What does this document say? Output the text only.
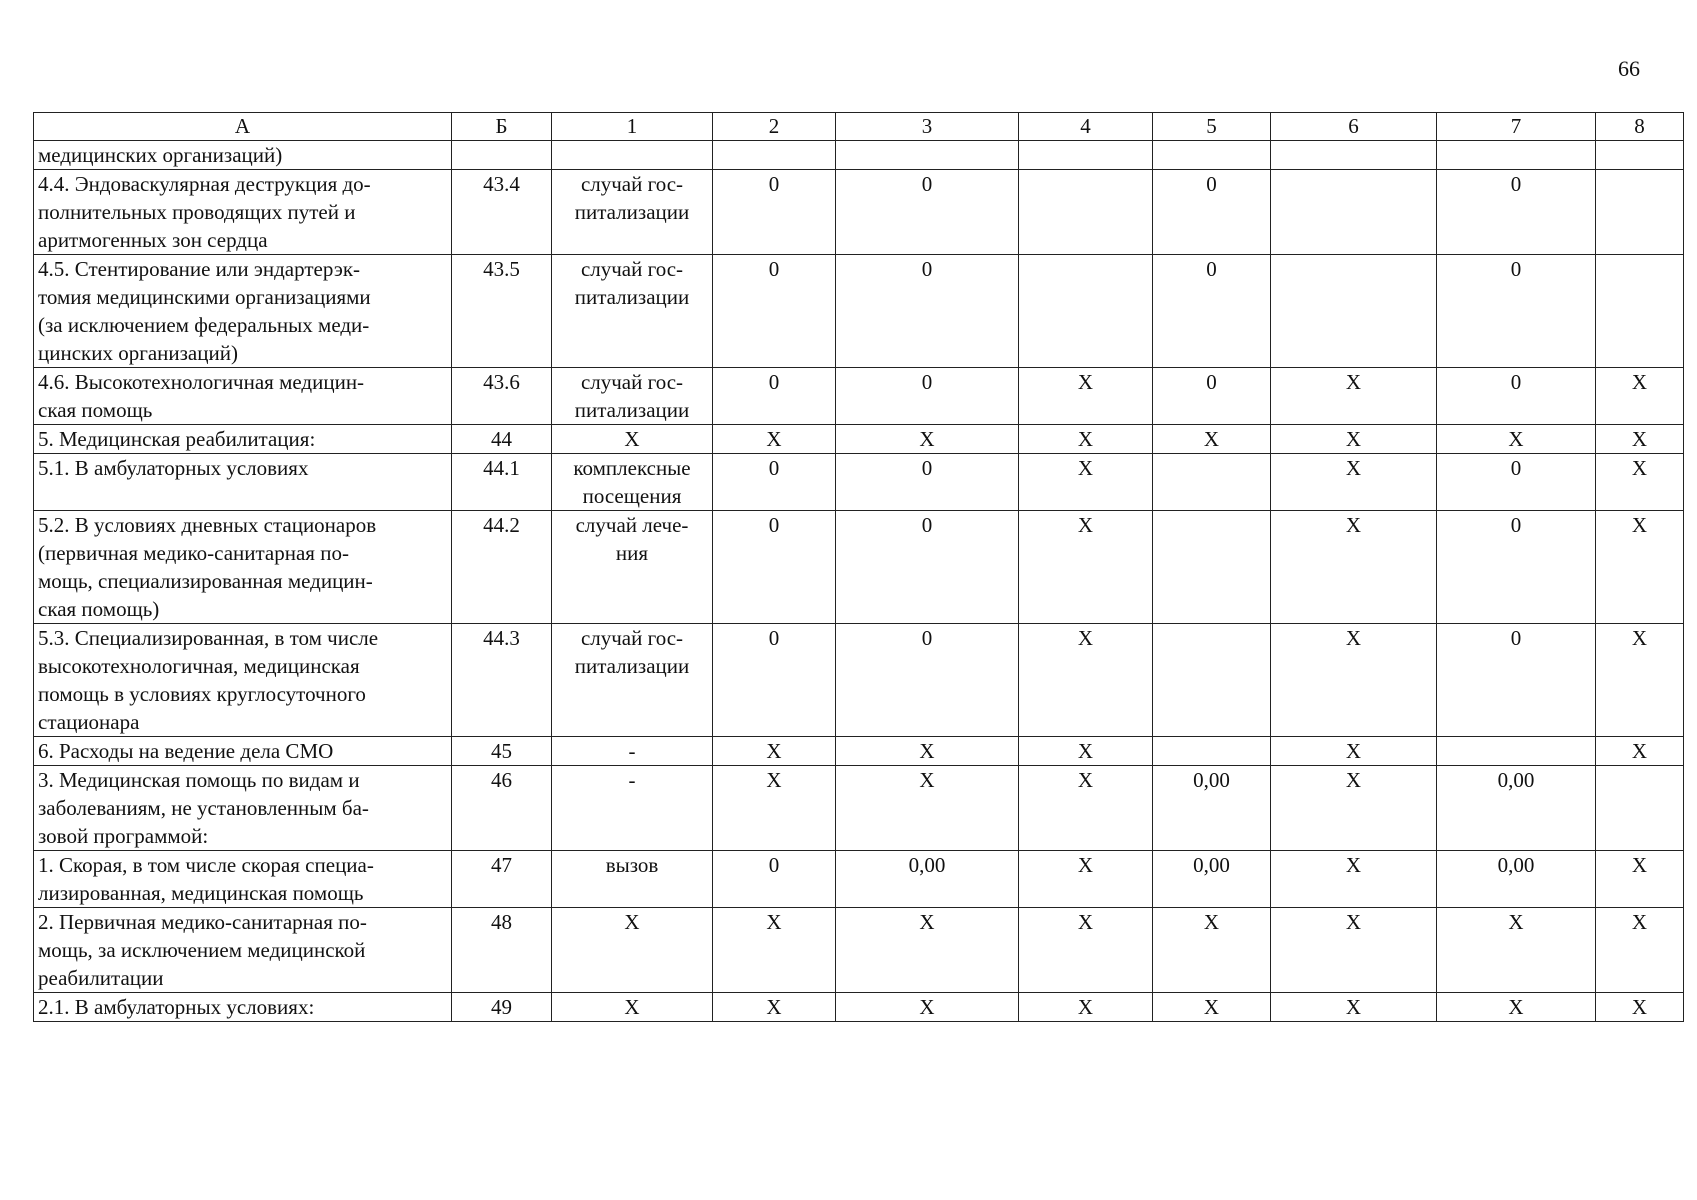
66
А	Б	1	2	3	4	5	6	7	8
медицинских организаций)									

4.4. Эндоваскулярная деструкция до-
полнительных проводящих путей и
аритмогенных зон сердца	43.4	случай гос-
питализации	0	0		0		0	

4.5. Стентирование или эндартерэк-
томия медицинскими организациями
(за исключением федеральных меди-
цинских организаций)	43.5	случай гос-
питализации	0	0		0		0	

4.6. Высокотехнологичная медицин-
ская помощь	43.6	случай гос-
питализации	0	0	X	0	X	0	X
5. Медицинская реабилитация:	44	X	X	X	X	X	X	X	X
5.1. В амбулаторных условиях	44.1	комплексные
посещения	0	0	X		X	0	X

5.2. В условиях дневных стационаров
(первичная медико-санитарная по-
мощь, специализированная медицин-
ская помощь)	44.2	случай лече-
ния	0	0	X		X	0	X

5.3. Специализированная, в том числе
высокотехнологичная, медицинская
помощь в условиях круглосуточного
стационара	44.3	случай гос-
питализации	0	0	X		X	0	X
6. Расходы на ведение дела СМО	45	-	X	X	X		X		X

3. Медицинская помощь по видам и
заболеваниям, не установленным ба-
зовой программой:	46	-	X	X	X	0,00	X	0,00	

1. Скорая, в том числе скорая специа-
лизированная, медицинская помощь	47	вызов	0	0,00	X	0,00	X	0,00	X

2. Первичная медико-санитарная по-
мощь, за исключением медицинской
реабилитации	48	X	X	X	X	X	X	X	X
2.1. В амбулаторных условиях:	49	X	X	X	X	X	X	X	X
